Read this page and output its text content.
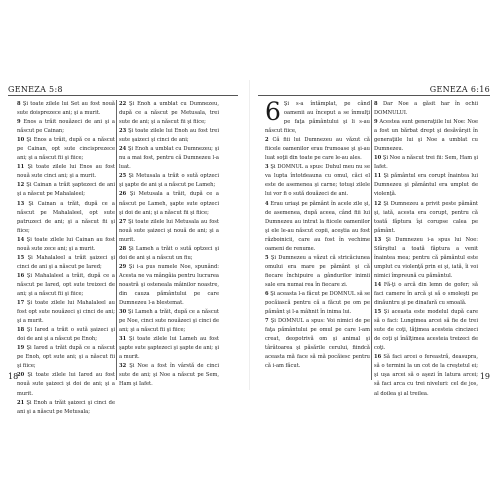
GENEZA 5:8

8 Şi toate zilele lui Set au fost nouă sute doisprezece ani; şi a murit.

9 Enos a trăit nouăzeci de ani şi a născut pe Cainan;

10 Şi Enos a trăit, după ce a născut pe Cainan, opt sute cincisprezece ani; şi a născut fii şi fiice;

11 Şi toate zilele lui Enos au fost nouă sute cinci ani; şi a murit.

12 Şi Cainan a trăit şaptezeci de ani şi a născut pe Mahalaleel;

13 Şi Cainan a trăit, după ce a născut pe Mahalaleel, opt sute patruzeci de ani; şi a născut fii şi fiice;

14 Şi toate zilele lui Cainan au fost nouă sute zece ani; şi a murit.

15 Şi Mahalaleel a trăit şaizeci şi cinci de ani şi a născut pe Iared;

16 Şi Mahalaleel a trăit, după ce a născut pe Iared, opt sute treizeci de ani; şi a născut fii şi fiice;

17 Şi toate zilele lui Mahalaleel au fost opt sute nouăzeci şi cinci de ani; şi a murit.

18 Şi Iared a trăit o sută şaizeci şi doi de ani şi a născut pe Enoh;

19 Şi Iared a trăit după ce a născut pe Enoh, opt sute ani; şi a născut fii şi fiice;

20 Şi toate zilele lui Iared au fost nouă sute şaizeci şi doi de ani; şi a murit.

21 Şi Enoh a trăit şaizeci şi cinci de ani şi a născut pe Metusala;

22 Şi Enoh a umblat cu Dumnezeu, după ce a născut pe Metusala, trei sute de ani; şi a născut fii şi fiice;

23 Şi toate zilele lui Enoh au fost trei sute şaizeci şi cinci de ani;

24 Şi Enoh a umblat cu Dumnezeu; şi nu a mai fost, pentru că Dumnezeu l-a luat.

25 Şi Metusala a trăit o sută optzeci şi şapte de ani şi a născut pe Lameh;

26 Şi Metusala a trăit, după ce a născut pe Lameh, şapte sute optzeci şi doi de ani; şi a născut fii şi fiice;

27 Şi toate zilele lui Metusala au fost nouă sute şaizeci şi nouă de ani; şi a murit.

28 Şi Lameh a trăit o sută optzeci şi doi de ani şi a născut un fiu;

29 Şi i-a pus numele Noe, spunând: Acesta ne va mângâia pentru lucrarea noastră şi osteneala mâinilor noastre, din cauza pământului pe care Dumnezeu l-a blestemat.

30 Şi Lameh a trăit, după ce a născut pe Noe, cinci sute nouăzeci şi cinci de ani; şi a născut fii şi fiice;

31 Şi toate zilele lui Lameh au fost şapte sute şaptezeci şi şapte de ani; şi a murit.

32 Şi Noe a fost în vârstă de cinci sute de ani; şi Noe a născut pe Sem, Ham şi Iafet.

18
GENEZA 6:16
6 Şi s-a întâmplat, pe când oamenii au început a se înmulţi pe faţa pământului şi li s-au născut fiice,

2 Că fiii lui Dumnezeu au văzut că fiicele oamenilor erau frumoase şi şi-au luat soţii din toate pe care le-au ales.

3 Şi DOMNUL a spus: Duhul meu nu se va lupta întotdeauna cu omul, căci el este de asemenea şi carne; totuşi zilele lui vor fi o sută douăzeci de ani.

4 Erau uriaşi pe pământ în acele zile şi, de asemenea, după aceea, când fiii lui Dumnezeu au intrat la fiicele oamenilor şi ele le-au născut copii, aceştia au fost războinicii, care au fost în vechime oameni de renume.

5 Şi Dumnezeu a văzut că stricăciunea omului era mare pe pământ şi că fiecare închipuire a gândurilor inimii sale era numai rea în fiecare zi.

6 Şi aceasta l-a făcut pe DOMNUL să se pocăiască pentru că a făcut pe om pe pământ şi l-a mâhnit în inima lui.

7 Şi DOMNUL a spus: Voi nimici de pe faţa pământului pe omul pe care l-am creat, deopotrivă om şi animal şi târâtoarea şi păsările cerului, fiindcă aceasta mă face să mă pocăiesc pentru că i-am făcut.

8 Dar Noe a găsit har în ochii DOMNULUI.

9 Acestea sunt generaţiile lui Noe: Noe a fost un bărbat drept şi desăvârşit în generaţiile lui şi Noe a umblat cu Dumnezeu.

10 Şi Noe a născut trei fii: Sem, Ham şi Iafet.

11 Şi pământul era corupt înaintea lui Dumnezeu şi pământul era umplut de violenţă.

12 Şi Dumnezeu a privit peste pământ şi, iată, acesta era corupt, pentru că toată făptura îşi corupse calea pe pământ.

13 Şi Dumnezeu i-a spus lui Noe: Sfârşitul a toată făptura a venit înaintea mea; pentru că pământul este umplut cu violenţă prin ei şi, iată, îi voi nimici împreună cu pământul.

14 Fă-ţi o arcă din lemn de gofer; să faci camere în arcă şi să o smoleşti pe dinăuntru şi pe dinafară cu smoală.

15 Şi aceasta este modelul după care să o faci: Lungimea arcei să fie de trei sute de coţi, lăţimea acesteia cincizeci de coţi şi înălţimea acesteia treizeci de coţi.

16 Să faci arcei o fereastră, deasupra, să o termini la un cot de la creştetul ei; şi uşa arcei să o aşezi în latura arcei; să faci arca cu trei niveluri: cel de jos, al doilea şi al treilea.

19
